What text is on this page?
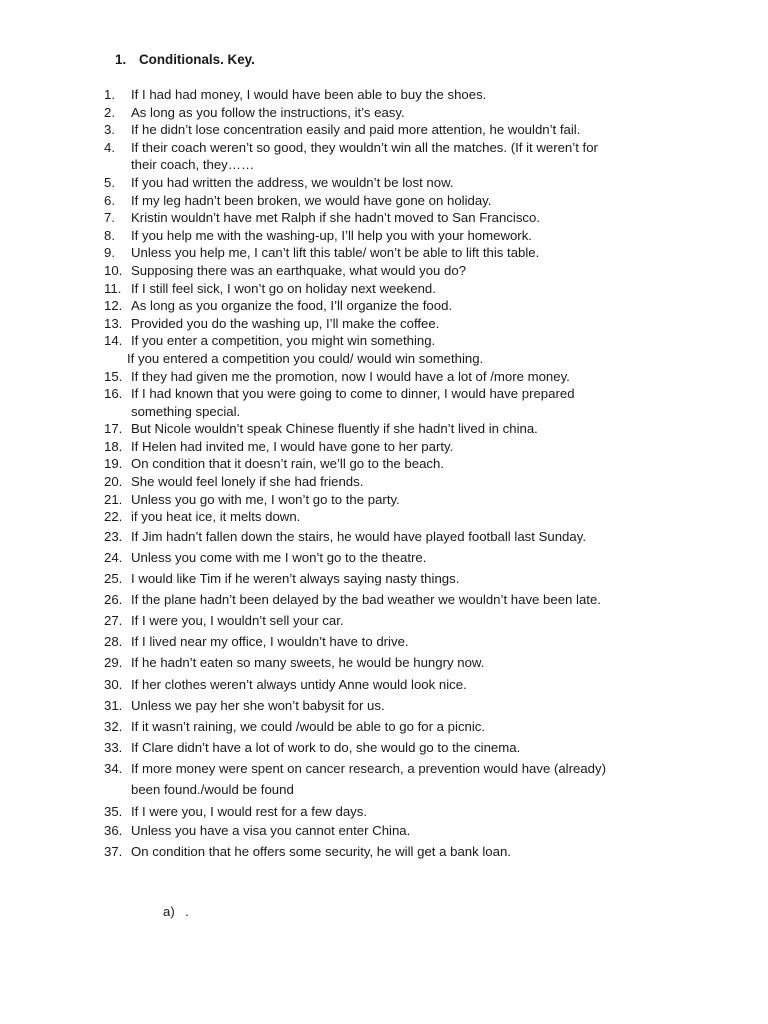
1. Conditionals. Key.
1.	If I had had money, I would have been able to buy the shoes.
2.	As long as you follow the instructions, it’s easy.
3.	If he didn’t lose concentration easily and paid more attention, he wouldn’t fail.
4.	If their coach weren’t so good, they wouldn’t win all the matches. (If it weren’t for
their coach, they……
5.	If you had written the address, we wouldn’t be lost now.
6.	If my leg hadn’t been broken, we would have gone on holiday.
7.	Kristin wouldn’t have met Ralph if she hadn’t moved to San Francisco.
8.	If you help me with the washing-up, I’ll help you with your homework.
9.	Unless you help me, I can’t lift this table/ won’t be able to lift this table.
10. Supposing there was an earthquake, what would you do?
11. If I still feel sick, I won’t go on holiday next weekend.
12. As long as you organize the food, I’ll organize the food.
13. Provided you do the washing up, I’ll make the coffee.
14. If you enter a competition, you might win something.
If you entered a competition you could/ would win something.
15. If they had given me the promotion, now I would have a lot of /more money.
16. If I had known that you were going to come to dinner, I would have prepared
something special.
17. But Nicole wouldn’t speak Chinese fluently if she hadn’t lived in china.
18. If Helen had invited me, I would have gone to her party.
19. On condition that it doesn’t rain, we’ll go to the beach.
20. She would feel lonely if she had friends.
21. Unless you go with me, I won’t go to the party.
22. if you heat ice, it melts down.
23. If Jim hadn’t fallen down the stairs, he would have played football last Sunday.
24. Unless you come with me I won’t go to the theatre.
25. I would like Tim if he weren’t always saying nasty things.
26. If the plane hadn’t been delayed by the bad weather we wouldn’t have been late.
27. If I were you, I wouldn’t sell your car.
28. If I lived near my office, I wouldn’t have to drive.
29. If he hadn’t eaten so many sweets, he would be hungry now.
30. If her clothes weren’t always untidy Anne would look nice.
31. Unless we pay her she won’t babysit for us.
32. If it wasn’t raining, we could /would be able to go for a picnic.
33. If Clare didn’t have a lot of work to do, she would go to the cinema.
34. If more money were spent on cancer research, a prevention would have (already)
been found./would be found
35. If I were you, I would rest for a few days.
36. Unless you have a visa you cannot enter China.
37. On condition that he offers some security, he will get a bank loan.
a) .
